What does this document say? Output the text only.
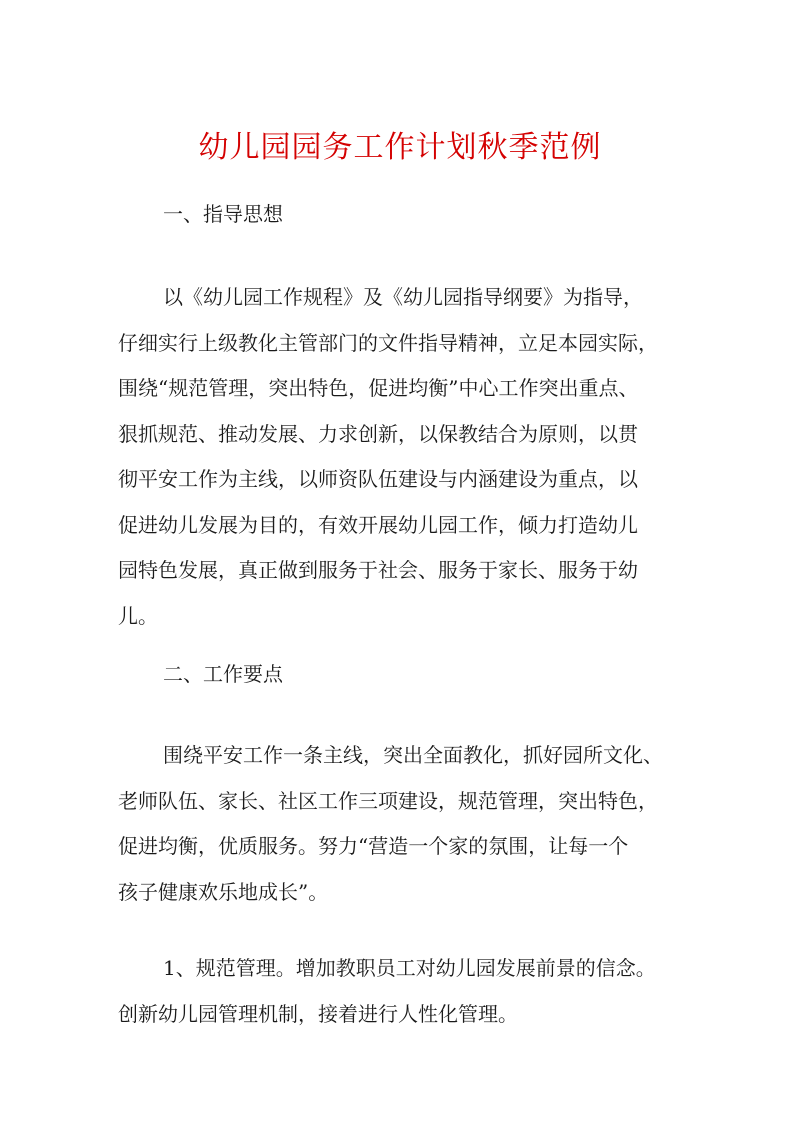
幼儿园园务工作计划秋季范例
一、指导思想
以《幼儿园工作规程》及《幼儿园指导纲要》为指导，
仔细实行上级教化主管部门的文件指导精神，立足本园实际，
围绕“规范管理，突出特色，促进均衡”中心工作突出重点、
狠抓规范、推动发展、力求创新，以保教结合为原则，以贯
彻平安工作为主线，以师资队伍建设与内涵建设为重点，以
促进幼儿发展为目的，有效开展幼儿园工作，倾力打造幼儿
园特色发展，真正做到服务于社会、服务于家长、服务于幼
儿。
二、工作要点
围绕平安工作一条主线，突出全面教化，抓好园所文化、
老师队伍、家长、社区工作三项建设，规范管理，突出特色，
促进均衡，优质服务。努力“营造一个家的氛围，让每一个
孩子健康欢乐地成长”。
1、规范管理。增加教职员工对幼儿园发展前景的信念。
创新幼儿园管理机制，接着进行人性化管理。
